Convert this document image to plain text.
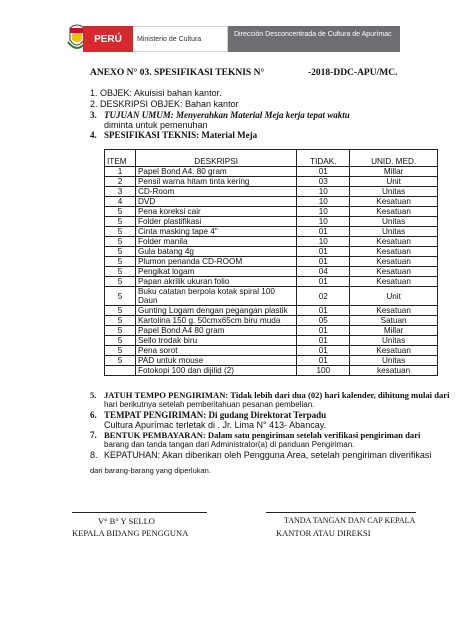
PERÚ	Ministerio de Cultura
Dirección Desconcentrada de Cultura de Apurímac
ANEXO N° 03. SPESIFIKASI TEKNIS N°	-2018-DDC-APU/MC.
1. OBJEK: Akuisisi bahan kantor.
2. DESKRIPSI OBJEK: Bahan kantor
3. TUJUAN UMUM: Menyerahkan Material Meja kerja tepat waktu
diminta untuk pemenuhan
4. SPESIFIKASI TEKNIS: Material Meja
ITEM	DESKRIPSI	TIDAK.	UNID. MED.
1	Papel Bond A4. 80 gram	01	Millar
2	Pensil warna hitam tinta kering	03	Unit
3	CD-Room	10	Unitas
4	DVD	10	Kesatuan
5	Pena koreksi cair	10	Kesatuan
5	Folder plastifikasi	10	Unitas
5	Cinta masking tape 4"	01	Unitas
5	Folder manila	10	Kesatuan
5	Gula batang 4g	01	Kesatuan
5	Plumon penanda CD-ROOM	01	Kesatuan
5	Pengikat logam	04	Kesatuan
5	Papan akrilik ukuran folio	01	Kesatuan
5	Buku catatan berpola kotak spiral 100 Daun	02	Unit
5	Gunting Logam dengan pegangan plastik	01	Kesatuan
5	Kartolina 150 g. 50cmx65cm biru muda	05	Satuan
5	Papel Bond A4 80 gram	01	Millar
5	Sello trodak biru	01	Unitas
5	Pena sorot	01	Kesatuan
5	PAD untuk mouse	01	Unitas
	Fotokopi 100 dan dijilid (2)	100	kesatuan
5. JATUH TEMPO PENGIRIMAN: Tidak lebih dari dua (02) hari kalender, dihitung mulai dari
hari berikutnya setelah pemberitahuan pesanan pembelian.
6. TEMPAT PENGIRIMAN: Di gudang Direktorat Terpadu
Cultura Apurímac terletak di . Jr. Lima N° 413- Abancay.
7. BENTUK PEMBAYARAN: Dalam satu pengiriman setelah verifikasi pengiriman dari
barang dan tanda tangan dari Administrator(a) di panduan Pengiriman.
8. KEPATUHAN: Akan diberikan oleh Pengguna Area, setelah pengiriman diverifikasi
dari barang-barang yang diperlukan.
V° B° Y SELLO
KEPALA BIDANG PENGGUNA
TANDA TANGAN DAN CAP KEPALA
KANTOR ATAU DIREKSI
